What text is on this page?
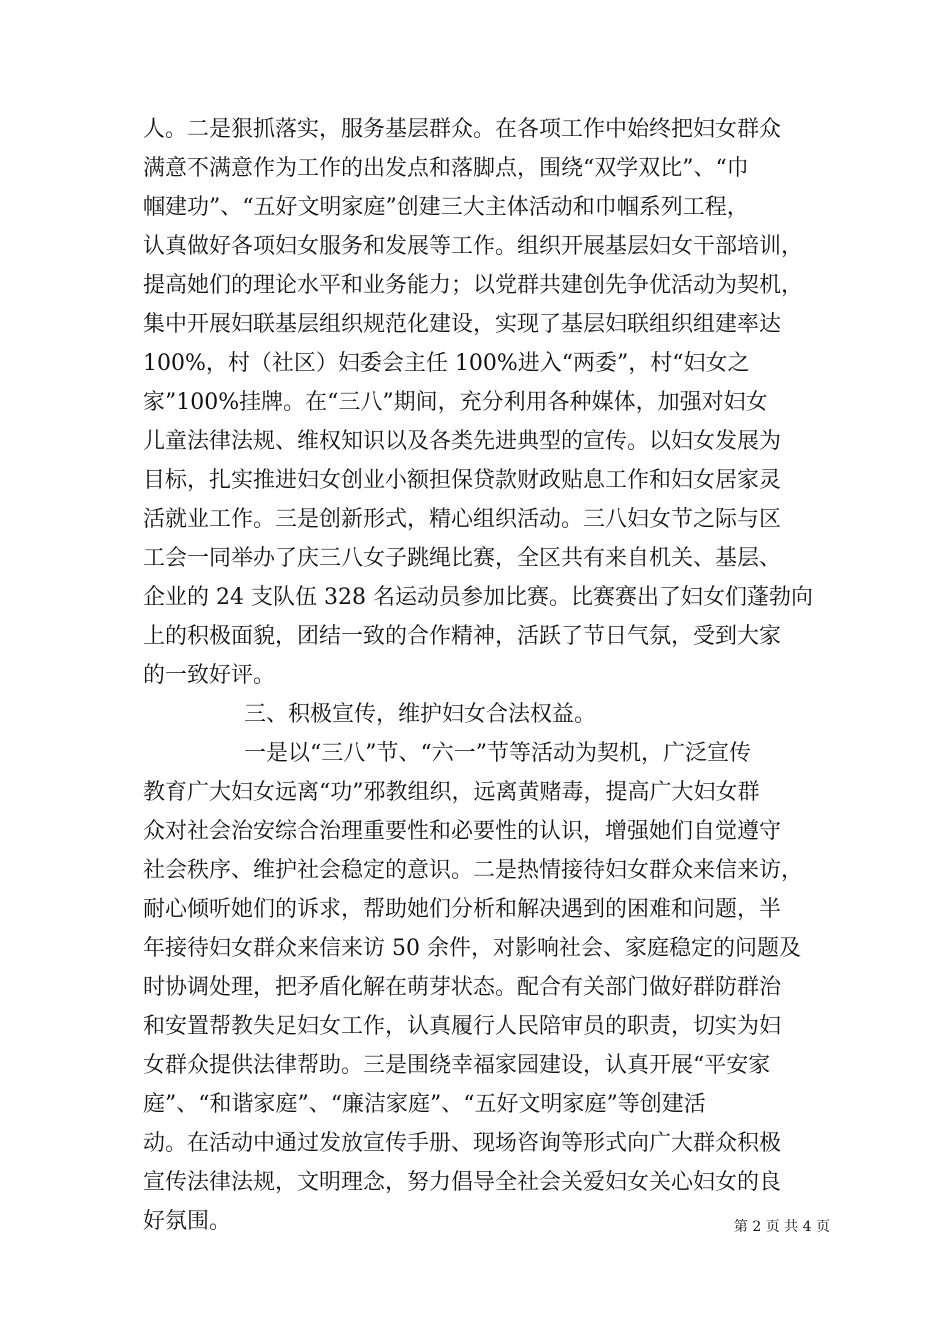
人。二是狠抓落实，服务基层群众。在各项工作中始终把妇女群众
满意不满意作为工作的出发点和落脚点，围绕“双学双比”、“巾
帼建功”、“五好文明家庭”创建三大主体活动和巾帼系列工程，
认真做好各项妇女服务和发展等工作。组织开展基层妇女干部培训，
提高她们的理论水平和业务能力；以党群共建创先争优活动为契机，
集中开展妇联基层组织规范化建设，实现了基层妇联组织组建率达
100%，村（社区）妇委会主任 100%进入“两委”，村“妇女之
家”100%挂牌。在“三八”期间，充分利用各种媒体，加强对妇女
儿童法律法规、维权知识以及各类先进典型的宣传。以妇女发展为
目标，扎实推进妇女创业小额担保贷款财政贴息工作和妇女居家灵
活就业工作。三是创新形式，精心组织活动。三八妇女节之际与区
工会一同举办了庆三八女子跳绳比赛，全区共有来自机关、基层、
企业的 24 支队伍 328 名运动员参加比赛。比赛赛出了妇女们蓬勃向
上的积极面貌，团结一致的合作精神，活跃了节日气氛，受到大家
的一致好评。
三、积极宣传，维护妇女合法权益。
一是以“三八”节、“六一”节等活动为契机，广泛宣传
教育广大妇女远离“功”邪教组织，远离黄赌毒，提高广大妇女群
众对社会治安综合治理重要性和必要性的认识，增强她们自觉遵守
社会秩序、维护社会稳定的意识。二是热情接待妇女群众来信来访，
耐心倾听她们的诉求，帮助她们分析和解决遇到的困难和问题，半
年接待妇女群众来信来访 50 余件，对影响社会、家庭稳定的问题及
时协调处理，把矛盾化解在萌芽状态。配合有关部门做好群防群治
和安置帮教失足妇女工作，认真履行人民陪审员的职责，切实为妇
女群众提供法律帮助。三是围绕幸福家园建设，认真开展“平安家
庭”、“和谐家庭”、“廉洁家庭”、“五好文明家庭”等创建活
动。在活动中通过发放宣传手册、现场咨询等形式向广大群众积极
宣传法律法规，文明理念，努力倡导全社会关爱妇女关心妇女的良
好氛围。	第 2 页 共 4 页
